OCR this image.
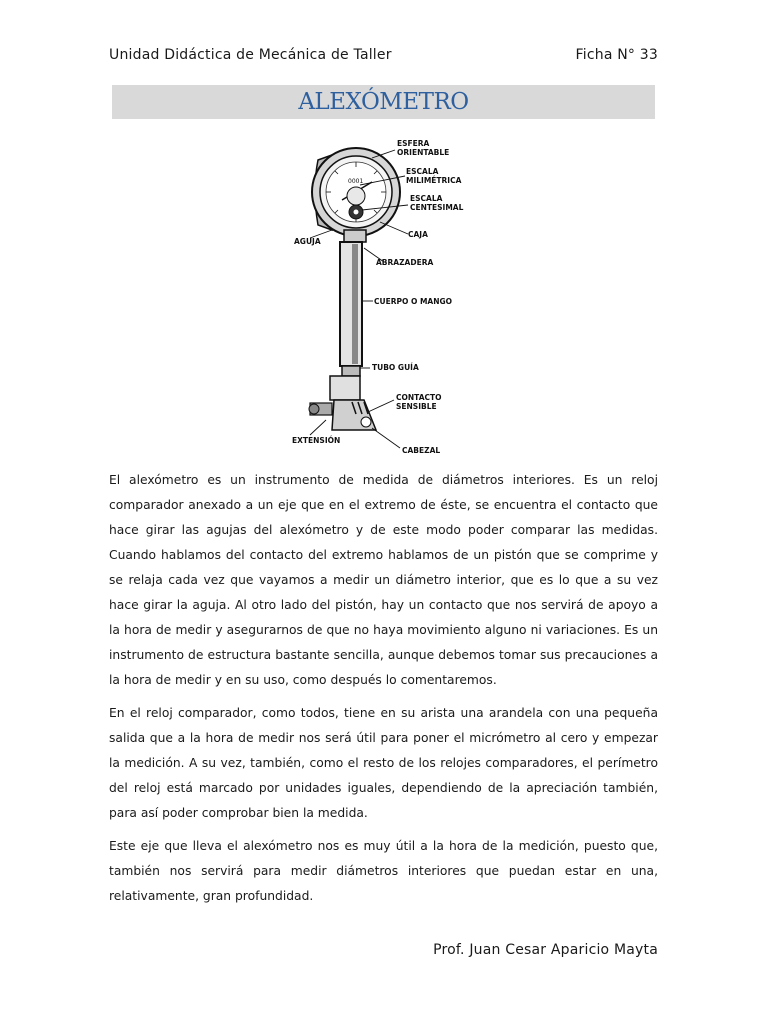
Unidad Didáctica de Mecánica de Taller	Ficha N° 33
ALEXÓMETRO
0001
ESFERA
ORIENTABLE
ESCALA
MILIMÉTRICA
ESCALA
CENTESIMAL
CAJA
AGUJA
ABRAZADERA
CUERPO O MANGO
TUBO GUÍA
CONTACTO
SENSIBLE
EXTENSIÓN
CABEZAL

El alexómetro es un instrumento de medida de diámetros interiores. Es un reloj comparador anexado a un eje que en el extremo de éste, se encuentra el contacto que hace girar las agujas del alexómetro y de este modo poder comparar las medidas. Cuando hablamos del contacto del extremo hablamos de un pistón que se comprime y se relaja cada vez que vayamos a medir un diámetro interior, que es lo que a su vez hace girar la aguja. Al otro lado del pistón, hay un contacto que nos servirá de apoyo a la hora de medir y asegurarnos de que no haya movimiento alguno ni variaciones. Es un instrumento de estructura bastante sencilla, aunque debemos tomar sus precauciones a la hora de medir y en su uso, como después lo comentaremos.

En el reloj comparador, como todos, tiene en su arista una arandela con una pequeña salida que a la hora de medir nos será útil para poner el micrómetro al cero y empezar la medición. A su vez, también, como el resto de los relojes comparadores, el perímetro del reloj está marcado por unidades iguales, dependiendo de la apreciación también, para así poder comprobar bien la medida.

Este eje que lleva el alexómetro nos es muy útil a la hora de la medición, puesto que, también nos servirá para medir diámetros interiores que puedan estar en una, relativamente, gran profundidad.

Prof. Juan Cesar Aparicio Mayta
